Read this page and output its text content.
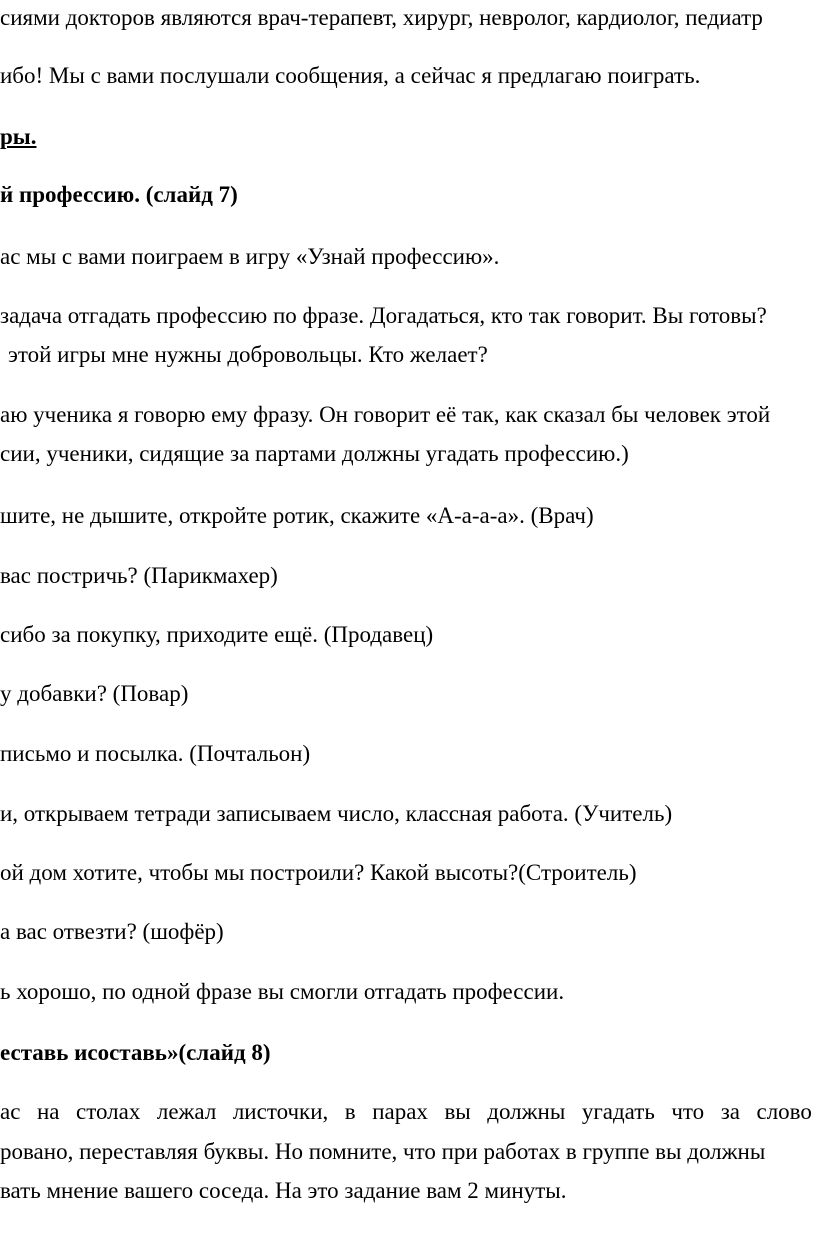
сиями докторов являются врач-терапевт, хирург, невролог, кардиолог, педиатр
ибо! Мы с вами послушали сообщения, а сейчас я предлагаю поиграть.
ры.
й профессию. (слайд 7)
ас мы с вами поиграем в игру «Узнай профессию».
задача отгадать профессию по фразе. Догадаться, кто так говорит. Вы готовы?
этой игры мне нужны добровольцы. Кто желает?
аю ученика я говорю ему фразу. Он говорит её так, как сказал бы человек этой
сии, ученики, сидящие за партами должны угадать профессию.)
шите, не дышите, откройте ротик, скажите «А-а-а-а». (Врач)
вас постричь? (Парикмахер)
сибо за покупку, приходите ещё. (Продавец)
у добавки? (Повар)
письмо и посылка. (Почтальон)
и, открываем тетради записываем число, классная работа. (Учитель)
ой дом хотите, чтобы мы построили? Какой высоты?(Строитель)
а вас отвезти? (шофёр)
ь хорошо, по одной фразе вы смогли отгадать профессии.
еставь исоставь»(слайд 8)
ас на столах лежал листочки, в парах вы должны угадать что за слово
ровано, переставляя буквы. Но помните, что при работах в группе вы должны
вать мнение вашего соседа. На это задание вам 2 минуты.
